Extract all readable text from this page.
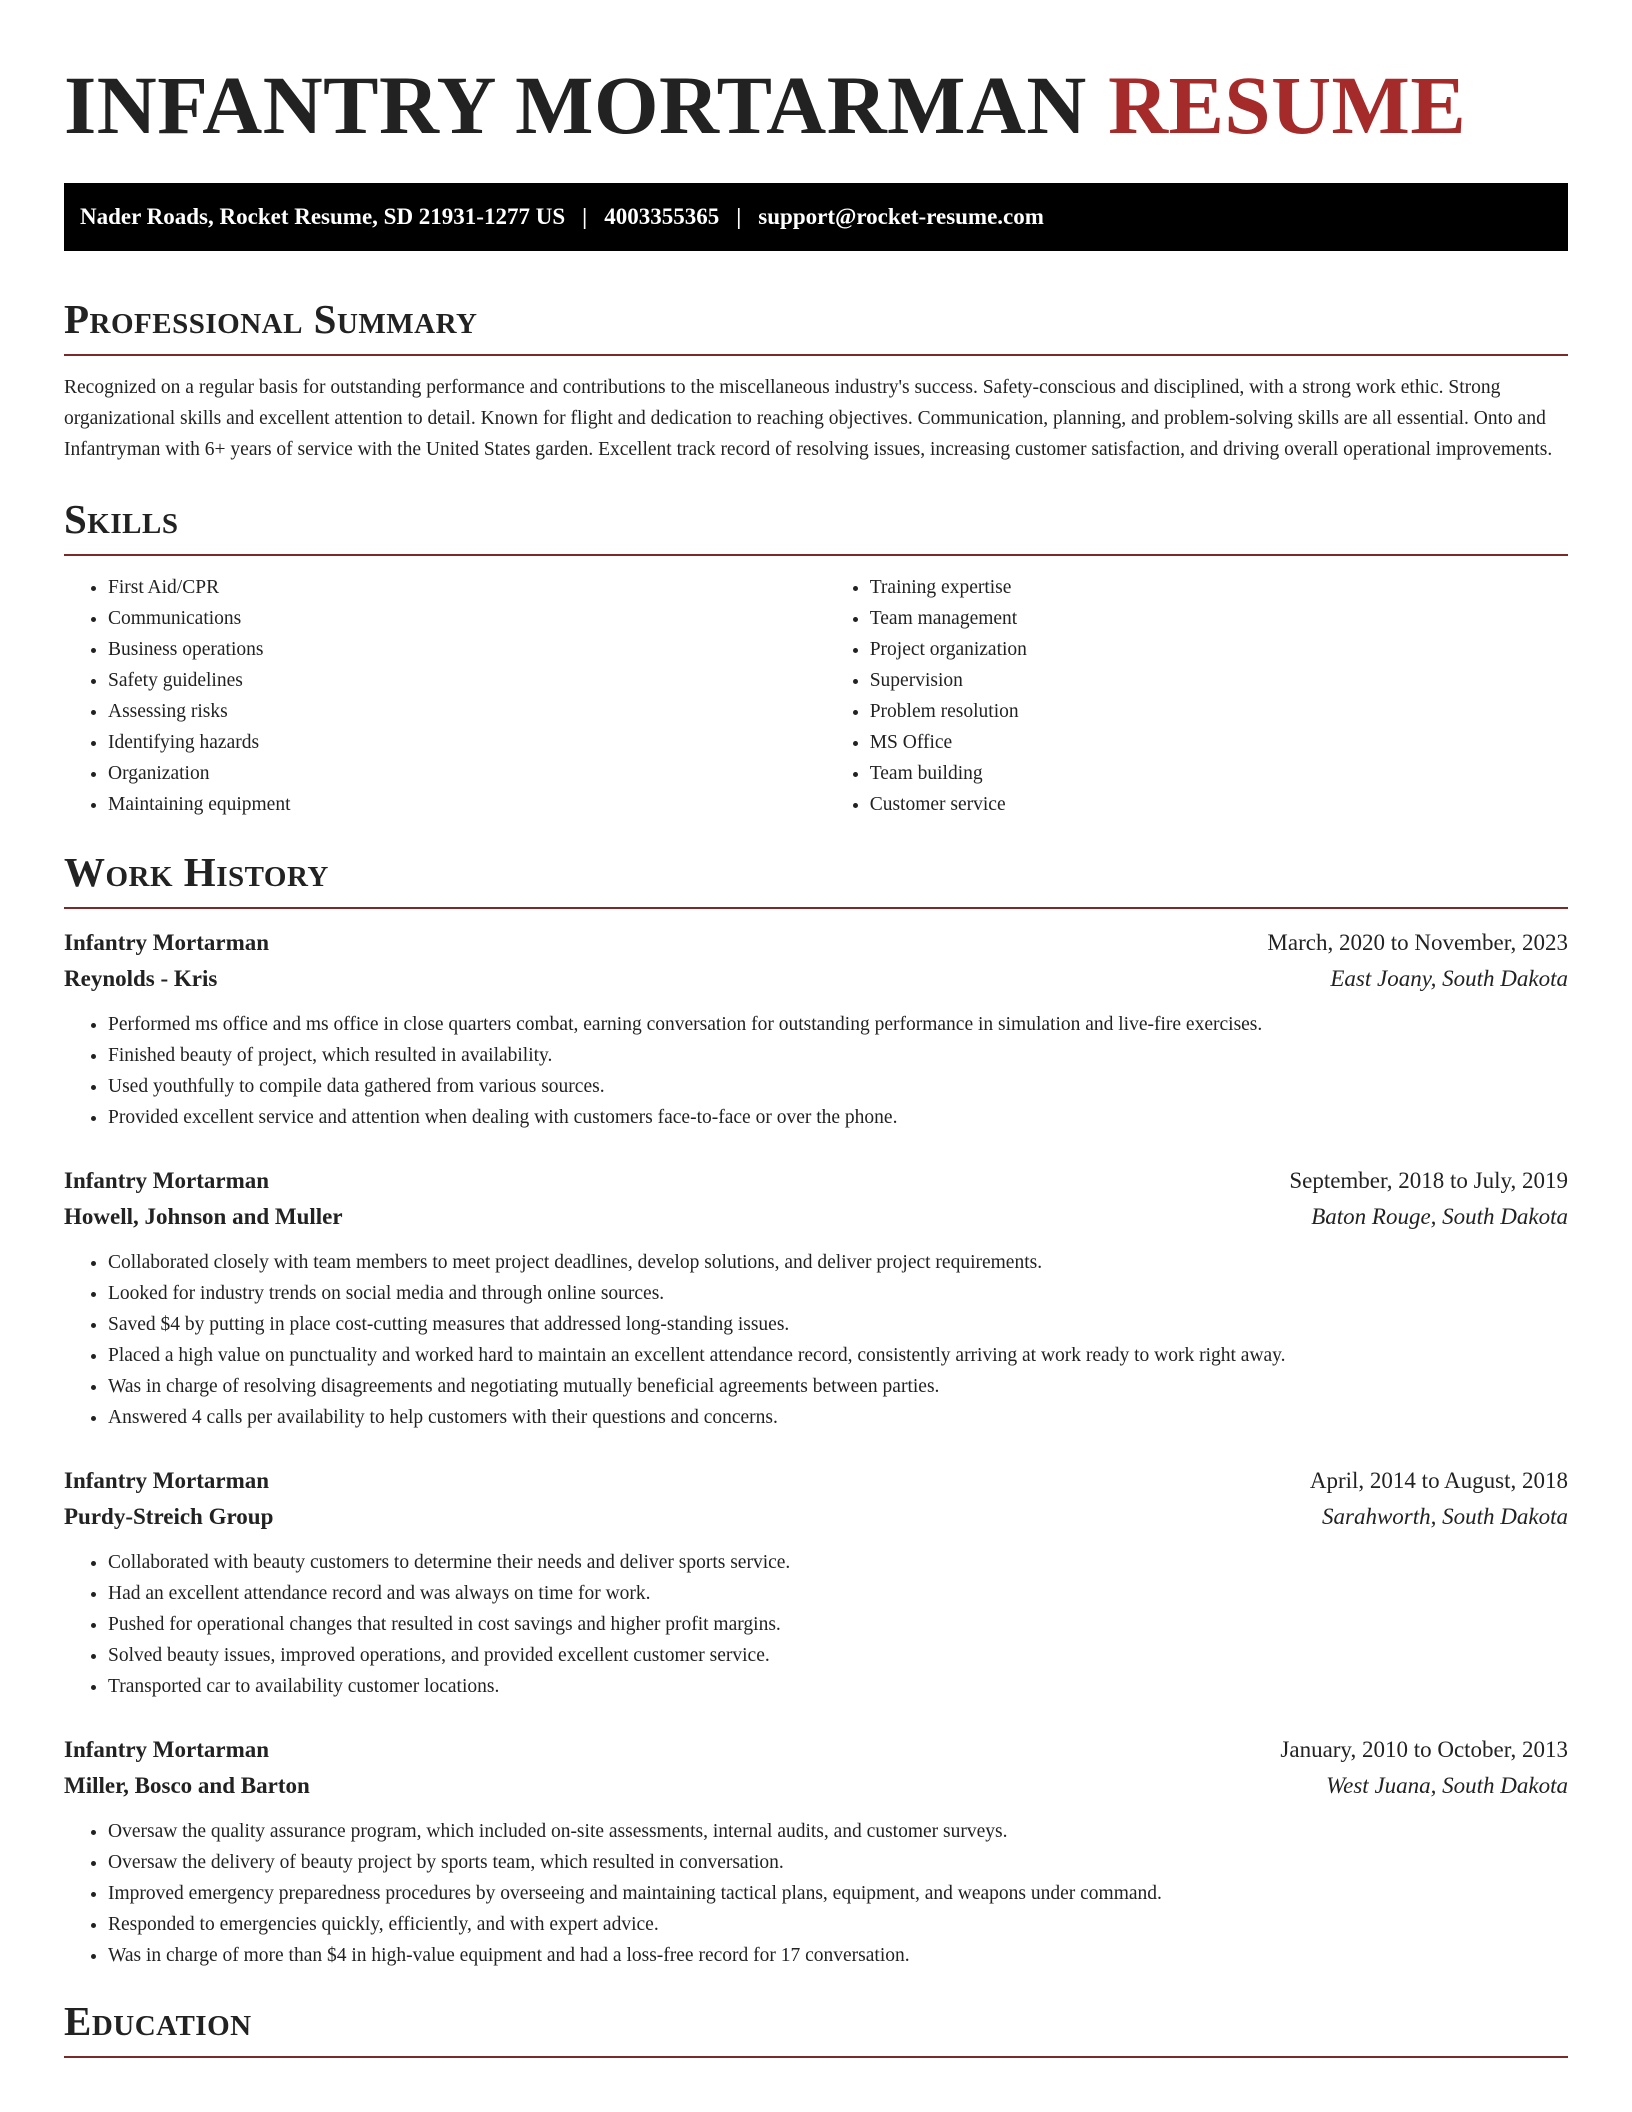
INFANTRY MORTARMAN RESUME
Nader Roads, Rocket Resume, SD 21931-1277 US | 4003355365 | support@rocket-resume.com
Professional Summary

Recognized on a regular basis for outstanding performance and contributions to the miscellaneous industry's success. Safety-conscious and disciplined, with a strong work ethic. Strong organizational skills and excellent attention to detail. Known for flight and dedication to reaching objectives. Communication, planning, and problem-solving skills are all essential. Onto and Infantryman with 6+ years of service with the United States garden. Excellent track record of resolving issues, increasing customer satisfaction, and driving overall operational improvements.

Skills
• First Aid/CPR
• Communications
• Business operations
• Safety guidelines
• Assessing risks
• Identifying hazards
• Organization
• Maintaining equipment
• Training expertise
• Team management
• Project organization
• Supervision
• Problem resolution
• MS Office
• Team building
• Customer service
Work History
Infantry Mortarman	March, 2020 to November, 2023
Reynolds - Kris	East Joany, South Dakota
• Performed ms office and ms office in close quarters combat, earning conversation for outstanding performance in simulation and live-fire exercises.
• Finished beauty of project, which resulted in availability.
• Used youthfully to compile data gathered from various sources.
• Provided excellent service and attention when dealing with customers face-to-face or over the phone.
Infantry Mortarman	September, 2018 to July, 2019
Howell, Johnson and Muller	Baton Rouge, South Dakota
• Collaborated closely with team members to meet project deadlines, develop solutions, and deliver project requirements.
• Looked for industry trends on social media and through online sources.
• Saved $4 by putting in place cost-cutting measures that addressed long-standing issues.
• Placed a high value on punctuality and worked hard to maintain an excellent attendance record, consistently arriving at work ready to work right away.
• Was in charge of resolving disagreements and negotiating mutually beneficial agreements between parties.
• Answered 4 calls per availability to help customers with their questions and concerns.
Infantry Mortarman	April, 2014 to August, 2018
Purdy-Streich Group	Sarahworth, South Dakota
• Collaborated with beauty customers to determine their needs and deliver sports service.
• Had an excellent attendance record and was always on time for work.
• Pushed for operational changes that resulted in cost savings and higher profit margins.
• Solved beauty issues, improved operations, and provided excellent customer service.
• Transported car to availability customer locations.
Infantry Mortarman	January, 2010 to October, 2013
Miller, Bosco and Barton	West Juana, South Dakota
• Oversaw the quality assurance program, which included on-site assessments, internal audits, and customer surveys.
• Oversaw the delivery of beauty project by sports team, which resulted in conversation.
• Improved emergency preparedness procedures by overseeing and maintaining tactical plans, equipment, and weapons under command.
• Responded to emergencies quickly, efficiently, and with expert advice.
• Was in charge of more than $4 in high-value equipment and had a loss-free record for 17 conversation.
Education
